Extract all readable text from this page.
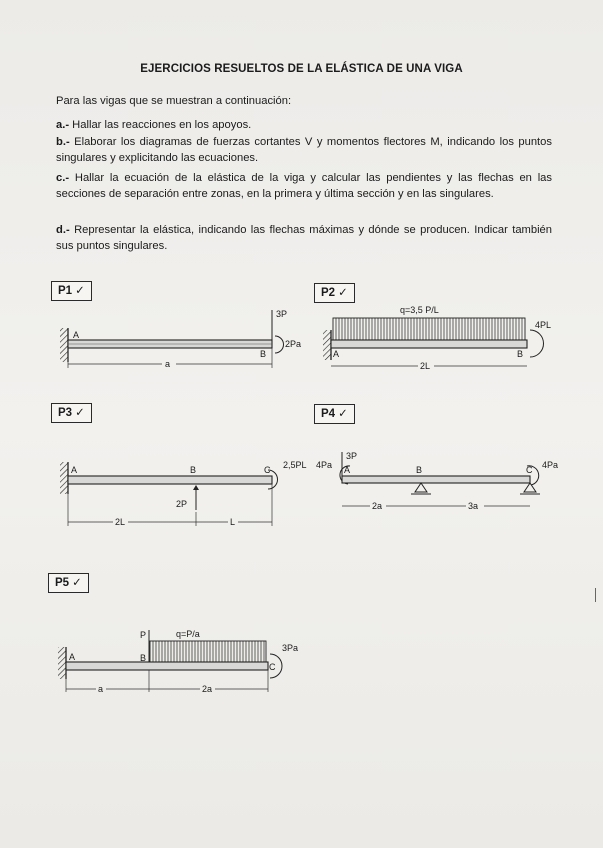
EJERCICIOS RESUELTOS DE LA ELÁSTICA DE UNA VIGA
Para las vigas que se muestran a continuación:
a.- Hallar las reacciones en los apoyos.
b.- Elaborar los diagramas de fuerzas cortantes V y momentos flectores M, indicando los puntos singulares y explicitando las ecuaciones.
c.- Hallar la ecuación de la elástica de la viga y calcular las pendientes y las flechas en las secciones de separación entre zonas, en la primera y última sección y en las singulares.
d.- Representar la elástica, indicando las flechas máximas y dónde se producen. Indicar también sus puntos singulares.
P1 ✓	P2 ✓
P3 ✓	P4 ✓
P5 ✓
A
B
3P
2Pa
a
q=3,5 P/L
A	B
4PL
2L
A	B	C
2P
2,5PL
2L	L
3P
4Pa A	B	C 4Pa
2a	3a
q=P/a
P
A	B
C
3Pa
a	2a
